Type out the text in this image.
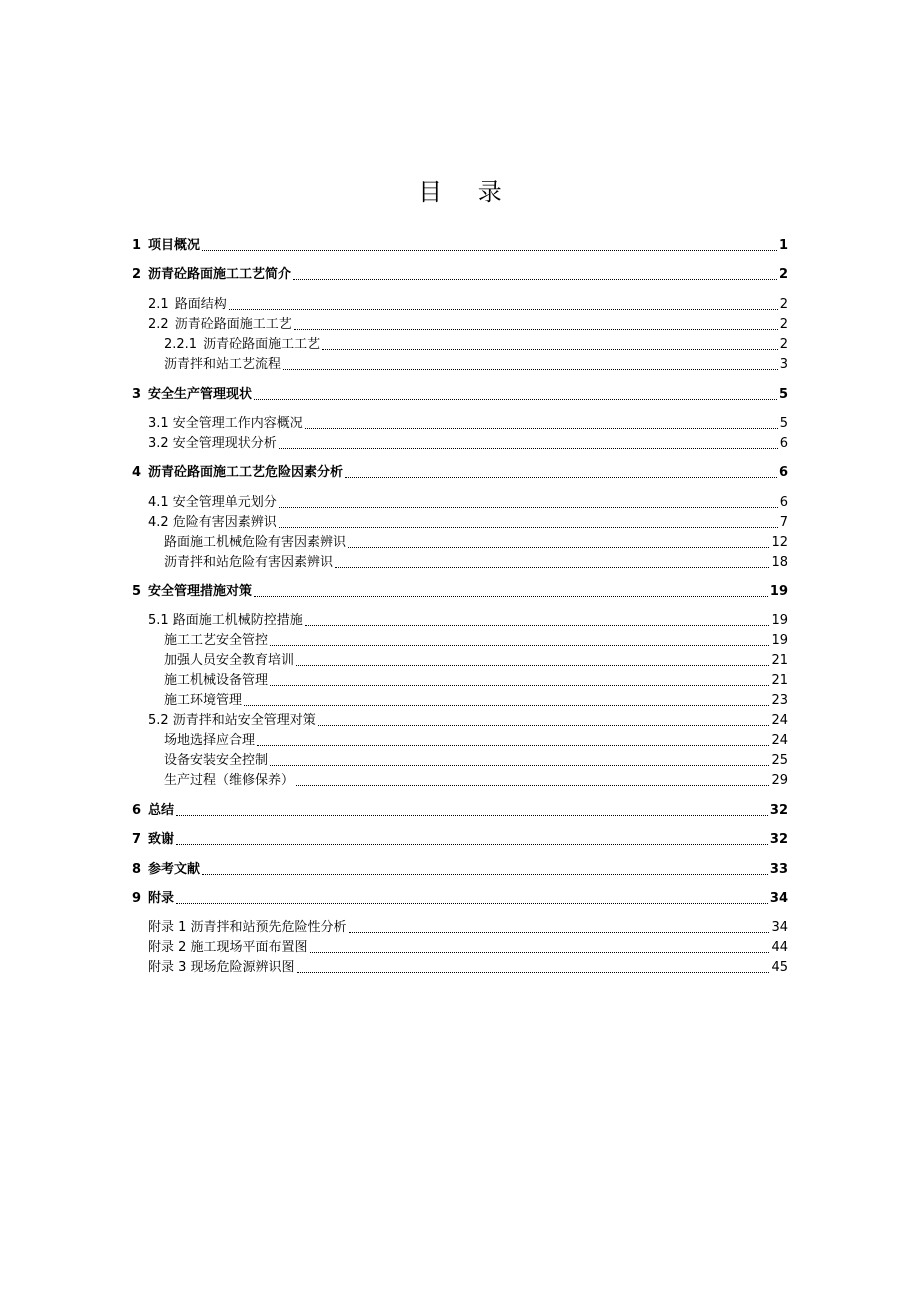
目 录
1 项目概况	1
2 沥青砼路面施工工艺简介	2
2.1 路面结构	2
2.2 沥青砼路面施工工艺	2
2.2.1 沥青砼路面施工工艺	2
沥青拌和站工艺流程	3
3 安全生产管理现状	5
3.1 安全管理工作内容概况	5
3.2 安全管理现状分析	6
4 沥青砼路面施工工艺危险因素分析	6
4.1 安全管理单元划分	6
4.2 危险有害因素辨识	7
路面施工机械危险有害因素辨识	12
沥青拌和站危险有害因素辨识	18
5 安全管理措施对策	19
5.1 路面施工机械防控措施	19
施工工艺安全管控	19
加强人员安全教育培训	21
施工机械设备管理	21
施工环境管理	23
5.2 沥青拌和站安全管理对策	24
场地选择应合理	24
设备安装安全控制	25
生产过程（维修保养）	29
6 总结	32
7 致谢	32
8 参考文献	33
9 附录	34
附录 1 沥青拌和站预先危险性分析	34
附录 2 施工现场平面布置图	44
附录 3 现场危险源辨识图	45
